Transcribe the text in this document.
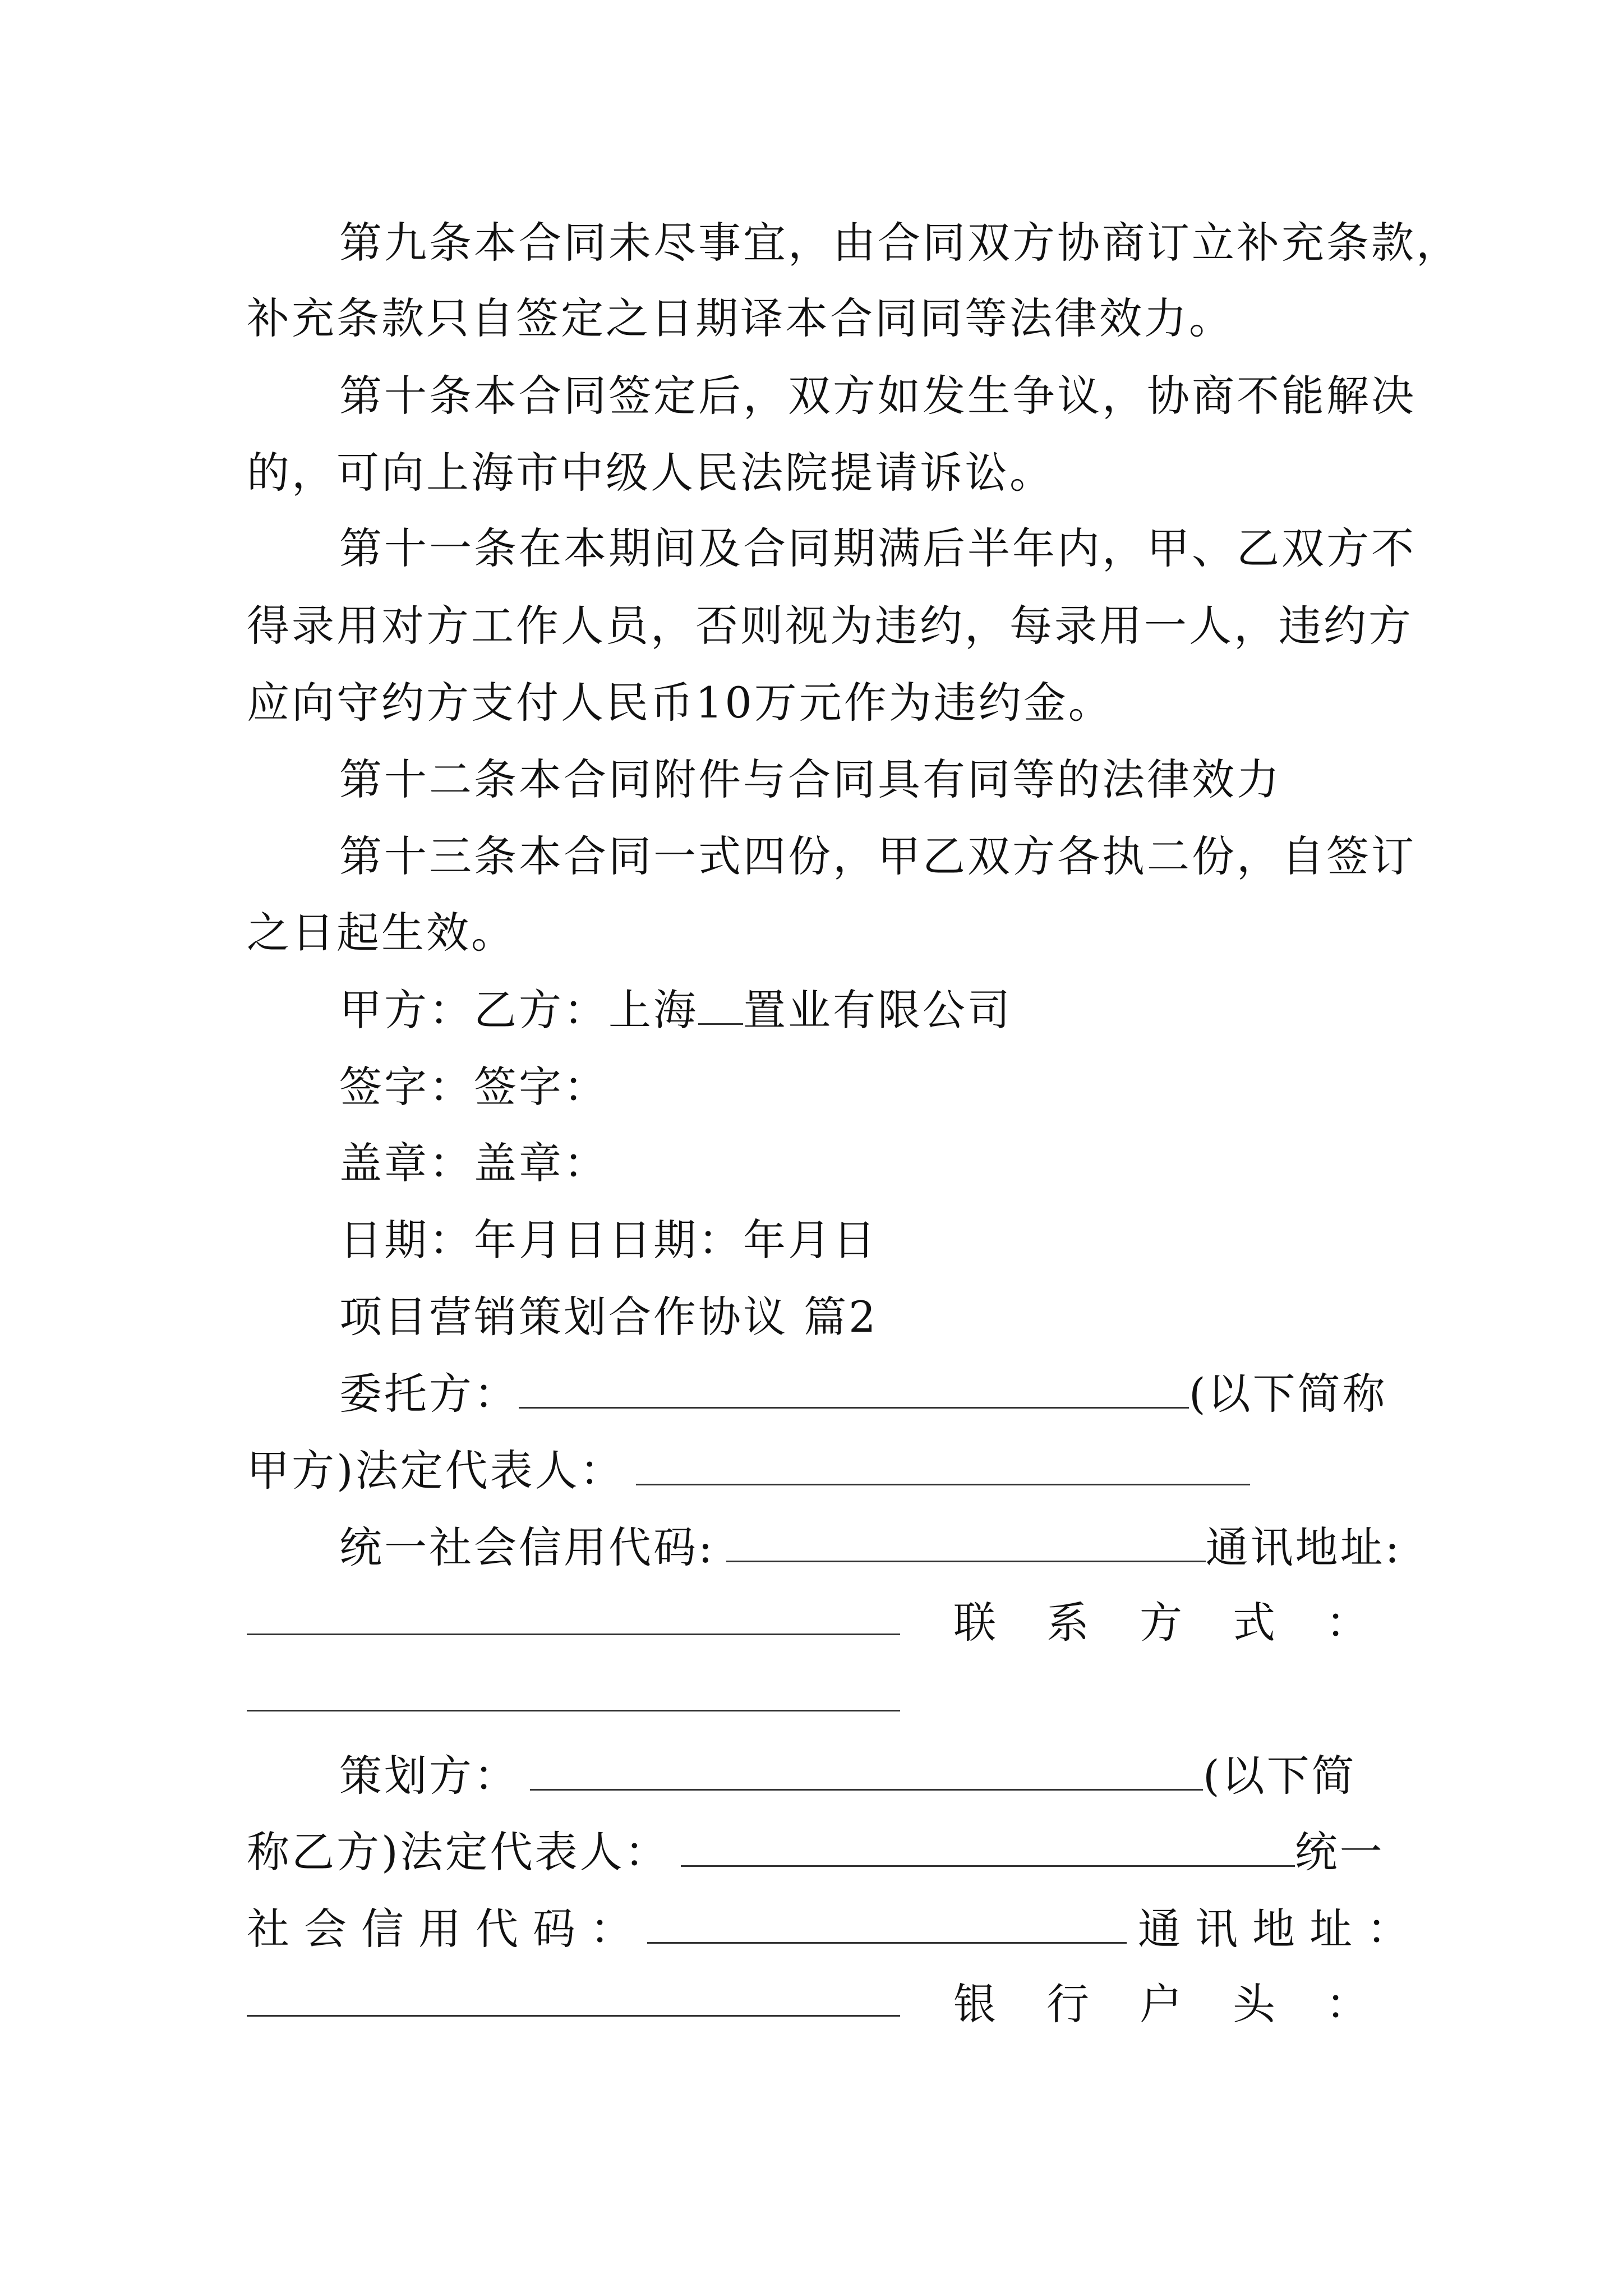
第九条本合同未尽事宜，由合同双方协商订立补充条款，
补充条款只自签定之日期译本合同同等法律效力。
第十条本合同签定后，双方如发生争议，协商不能解决
的，可向上海市中级人民法院提请诉讼。
第十一条在本期间及合同期满后半年内，甲、乙双方不
得录用对方工作人员，否则视为违约，每录用一人，违约方
应向守约方支付人民币10万元作为违约金。
第十二条本合同附件与合同具有同等的法律效力
第十三条本合同一式四份，甲乙双方各执二份，自签订
之日起生效。
甲方：乙方：上海 置业有限公司
签字：签字：
盖章：盖章：
日期：年月日日期：年月日
项目营销策划合作协议 篇2
委托方：	(以下简称
甲方)法定代表人：
统一社会信用代码:	通讯地址:
联 系 方 式 ：
策划方：	(以下简
称乙方)法定代表人：	统一
社会信用代码：	通讯地址：
银 行 户 头 ：
